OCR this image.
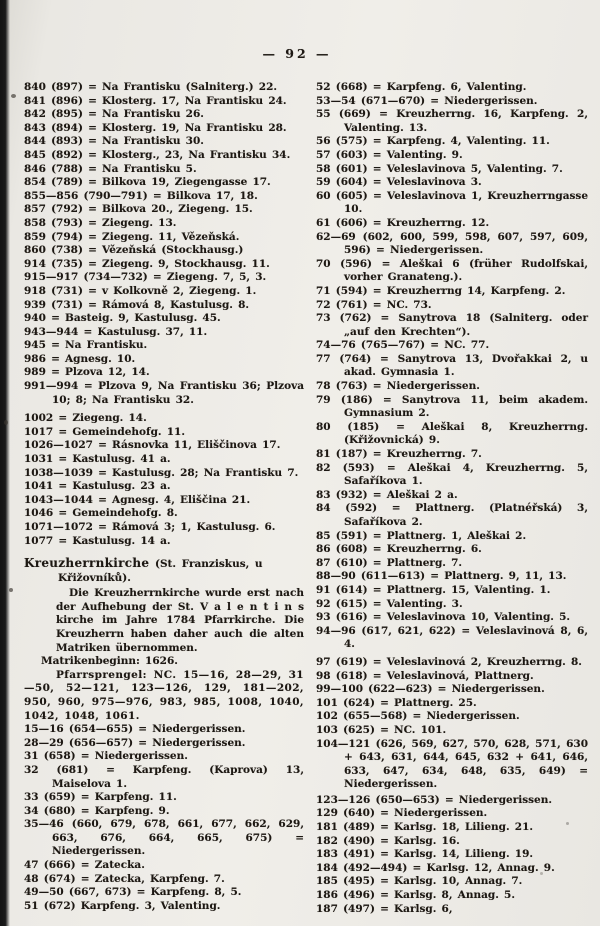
— 92 —
840 (897) = Na Frantisku (Salniterg.) 22.
841 (896) = Klosterg. 17, Na Frantisku 24.
842 (895) = Na Frantisku 26.
843 (894) = Klosterg. 19, Na Frantisku 28.
844 (893) = Na Frantisku 30.
845 (892) = Klosterg., 23, Na Frantisku 34.
846 (788) = Na Frantisku 5.
854 (789) = Bilkova 19, Ziegengasse 17.
855—856 (790—791) = Bilkova 17, 18.
857 (792) = Bilkova 20., Ziegeng. 15.
858 (793) = Ziegeng. 13.
859 (794) = Ziegeng. 11, Vězeňská.
860 (738) = Vězeňská (Stockhausg.)
914 (735) = Ziegeng. 9, Stockhausg. 11.
915—917 (734—732) = Ziegeng. 7, 5, 3.
918 (731) = v Kolkovně 2, Ziegeng. 1.
939 (731) = Rámová 8, Kastulusg. 8.
940 = Basteig. 9, Kastulusg. 45.
943—944 = Kastulusg. 37, 11.
945 = Na Frantisku.
986 = Agnesg. 10.
989 = Plzova 12, 14.
991—994 = Plzova 9, Na Frantisku 36; Plzova 10; 8; Na Frantisku 32.
1002 = Ziegeng. 14.
1017 = Gemeindehofg. 11.
1026—1027 = Rásnovka 11, Eliščinova 17.
1031 = Kastulusg. 41 a.
1038—1039 = Kastulusg. 28; Na Frantisku 7.
1041 = Kastulusg. 23 a.
1043—1044 = Agnesg. 4, Eliščina 21.
1046 = Gemeindehofg. 8.
1071—1072 = Rámová 3; 1, Kastulusg. 6.
1077 = Kastulusg. 14 a.

Kreuzherrnkirche (St. Franziskus, u Křižovníků).

Die Kreuzherrnkirche wurde erst nach der Aufhebung der St. V a l e n t i n s kirche im Jahre 1784 Pfarrkirche. Die Kreuzherrn haben daher auch die alten Matriken übernommen.

Matrikenbeginn: 1626.

Pfarrsprengel: NC. 15—16, 28—29, 31—50, 52—121, 123—126, 129, 181—202, 950, 960, 975—976, 983, 985, 1008, 1040, 1042, 1048, 1061.

15—16 (654—655) = Niedergerissen.
28—29 (656—657) = Niedergerissen.
31 (658) = Niedergerissen.
32 (681) = Karpfeng. (Kaprova) 13, Maiselova 1.
33 (659) = Karpfeng. 11.
34 (680) = Karpfeng. 9.
35—46 (660, 679, 678, 661, 677, 662, 629, 663, 676, 664, 665, 675) = Niedergerissen.
47 (666) = Zatecka.
48 (674) = Zatecka, Karpfeng. 7.
49—50 (667, 673) = Karpfeng. 8, 5.
51 (672) Karpfeng. 3, Valenting.
52 (668) = Karpfeng. 6, Valenting.
53—54 (671—670) = Niedergerissen.
55 (669) = Kreuzherrng. 16, Karpfeng. 2, Valenting. 13.
56 (575) = Karpfeng. 4, Valenting. 11.
57 (603) = Valenting. 9.
58 (601) = Veleslavinova 5, Valenting. 7.
59 (604) = Veleslavinova 3.
60 (605) = Veleslavinova 1, Kreuzherrngasse 10.
61 (606) = Kreuzherrng. 12.
62—69 (602, 600, 599, 598, 607, 597, 609, 596) = Niedergerissen.
70 (596) = Aleškai 6 (früher Rudolfskai, vorher Granateng.).
71 (594) = Kreuzherrng 14, Karpfeng. 2.
72 (761) = NC. 73.
73 (762) = Sanytrova 18 (Salniterg. oder „auf den Krechten“).
74—76 (765—767) = NC. 77.
77 (764) = Sanytrova 13, Dvořakkai 2, u akad. Gymnasia 1.
78 (763) = Niedergerissen.
79 (186) = Sanytrova 11, beim akadem. Gymnasium 2.
80 (185) = Aleškai 8, Kreuzherrng. (Křižovnická) 9.
81 (187) = Kreuzherrng. 7.
82 (593) = Aleškai 4, Kreuzherrng. 5, Safaříkova 1.
83 (932) = Aleškai 2 a.
84 (592) = Plattnerg. (Platnéřská) 3, Safaříkova 2.
85 (591) = Plattnerg. 1, Aleškai 2.
86 (608) = Kreuzherrng. 6.
87 (610) = Plattnerg. 7.
88—90 (611—613) = Plattnerg. 9, 11, 13.
91 (614) = Plattnerg. 15, Valenting. 1.
92 (615) = Valenting. 3.
93 (616) = Veleslavinova 10, Valenting. 5.
94—96 (617, 621, 622) = Veleslavinová 8, 6, 4.
97 (619) = Veleslavinová 2, Kreuzherrng. 8.
98 (618) = Veleslavinová, Plattnerg.
99—100 (622—623) = Niedergerissen.
101 (624) = Plattnerg. 25.
102 (655—568) = Niedergerissen.
103 (625) = NC. 101.
104—121 (626, 569, 627, 570, 628, 571, 630 + 643, 631, 644, 645, 632 + 641, 646, 633, 647, 634, 648, 635, 649) = Niedergerissen.
123—126 (650—653) = Niedergerissen.
129 (640) = Niedergerissen.
181 (489) = Karlsg. 18, Lilieng. 21.
182 (490) = Karlsg. 16.
183 (491) = Karlsg. 14, Lilieng. 19.
184 (492—494) = Karlsg. 12, Annag. 9.
185 (495) = Karlsg. 10, Annag. 7.
186 (496) = Karlsg. 8, Annag. 5.
187 (497) = Karlsg. 6,
